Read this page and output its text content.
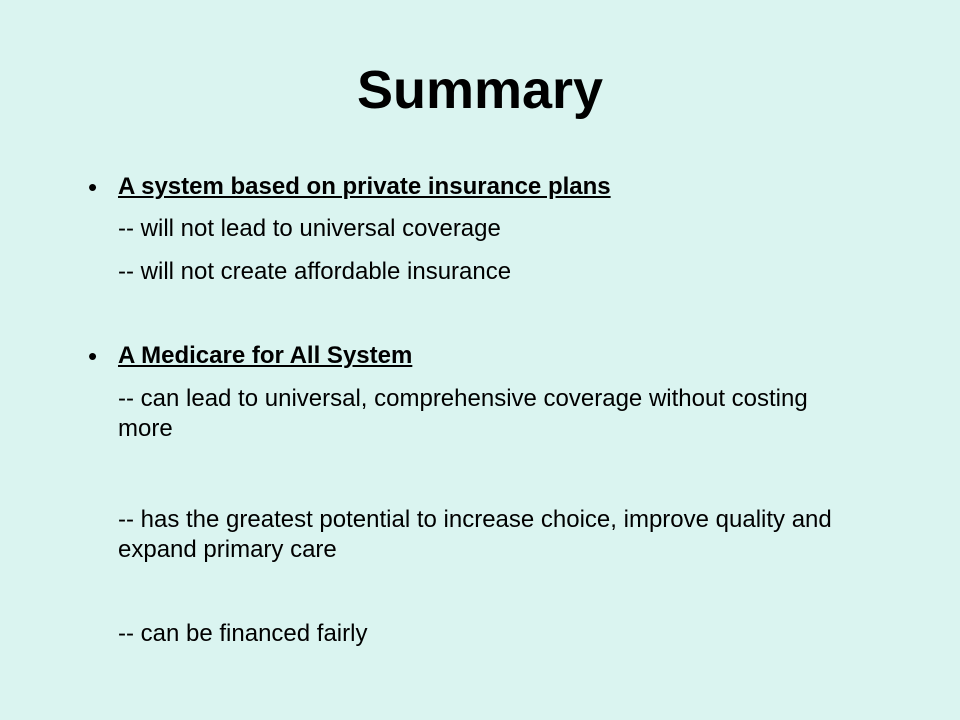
Summary
• A system based on private insurance plans
-- will not lead to universal coverage
-- will not create affordable insurance
• A Medicare for All System
-- can lead to universal, comprehensive coverage without costing more
-- has the greatest potential to increase choice, improve quality and expand primary care
-- can be financed fairly
